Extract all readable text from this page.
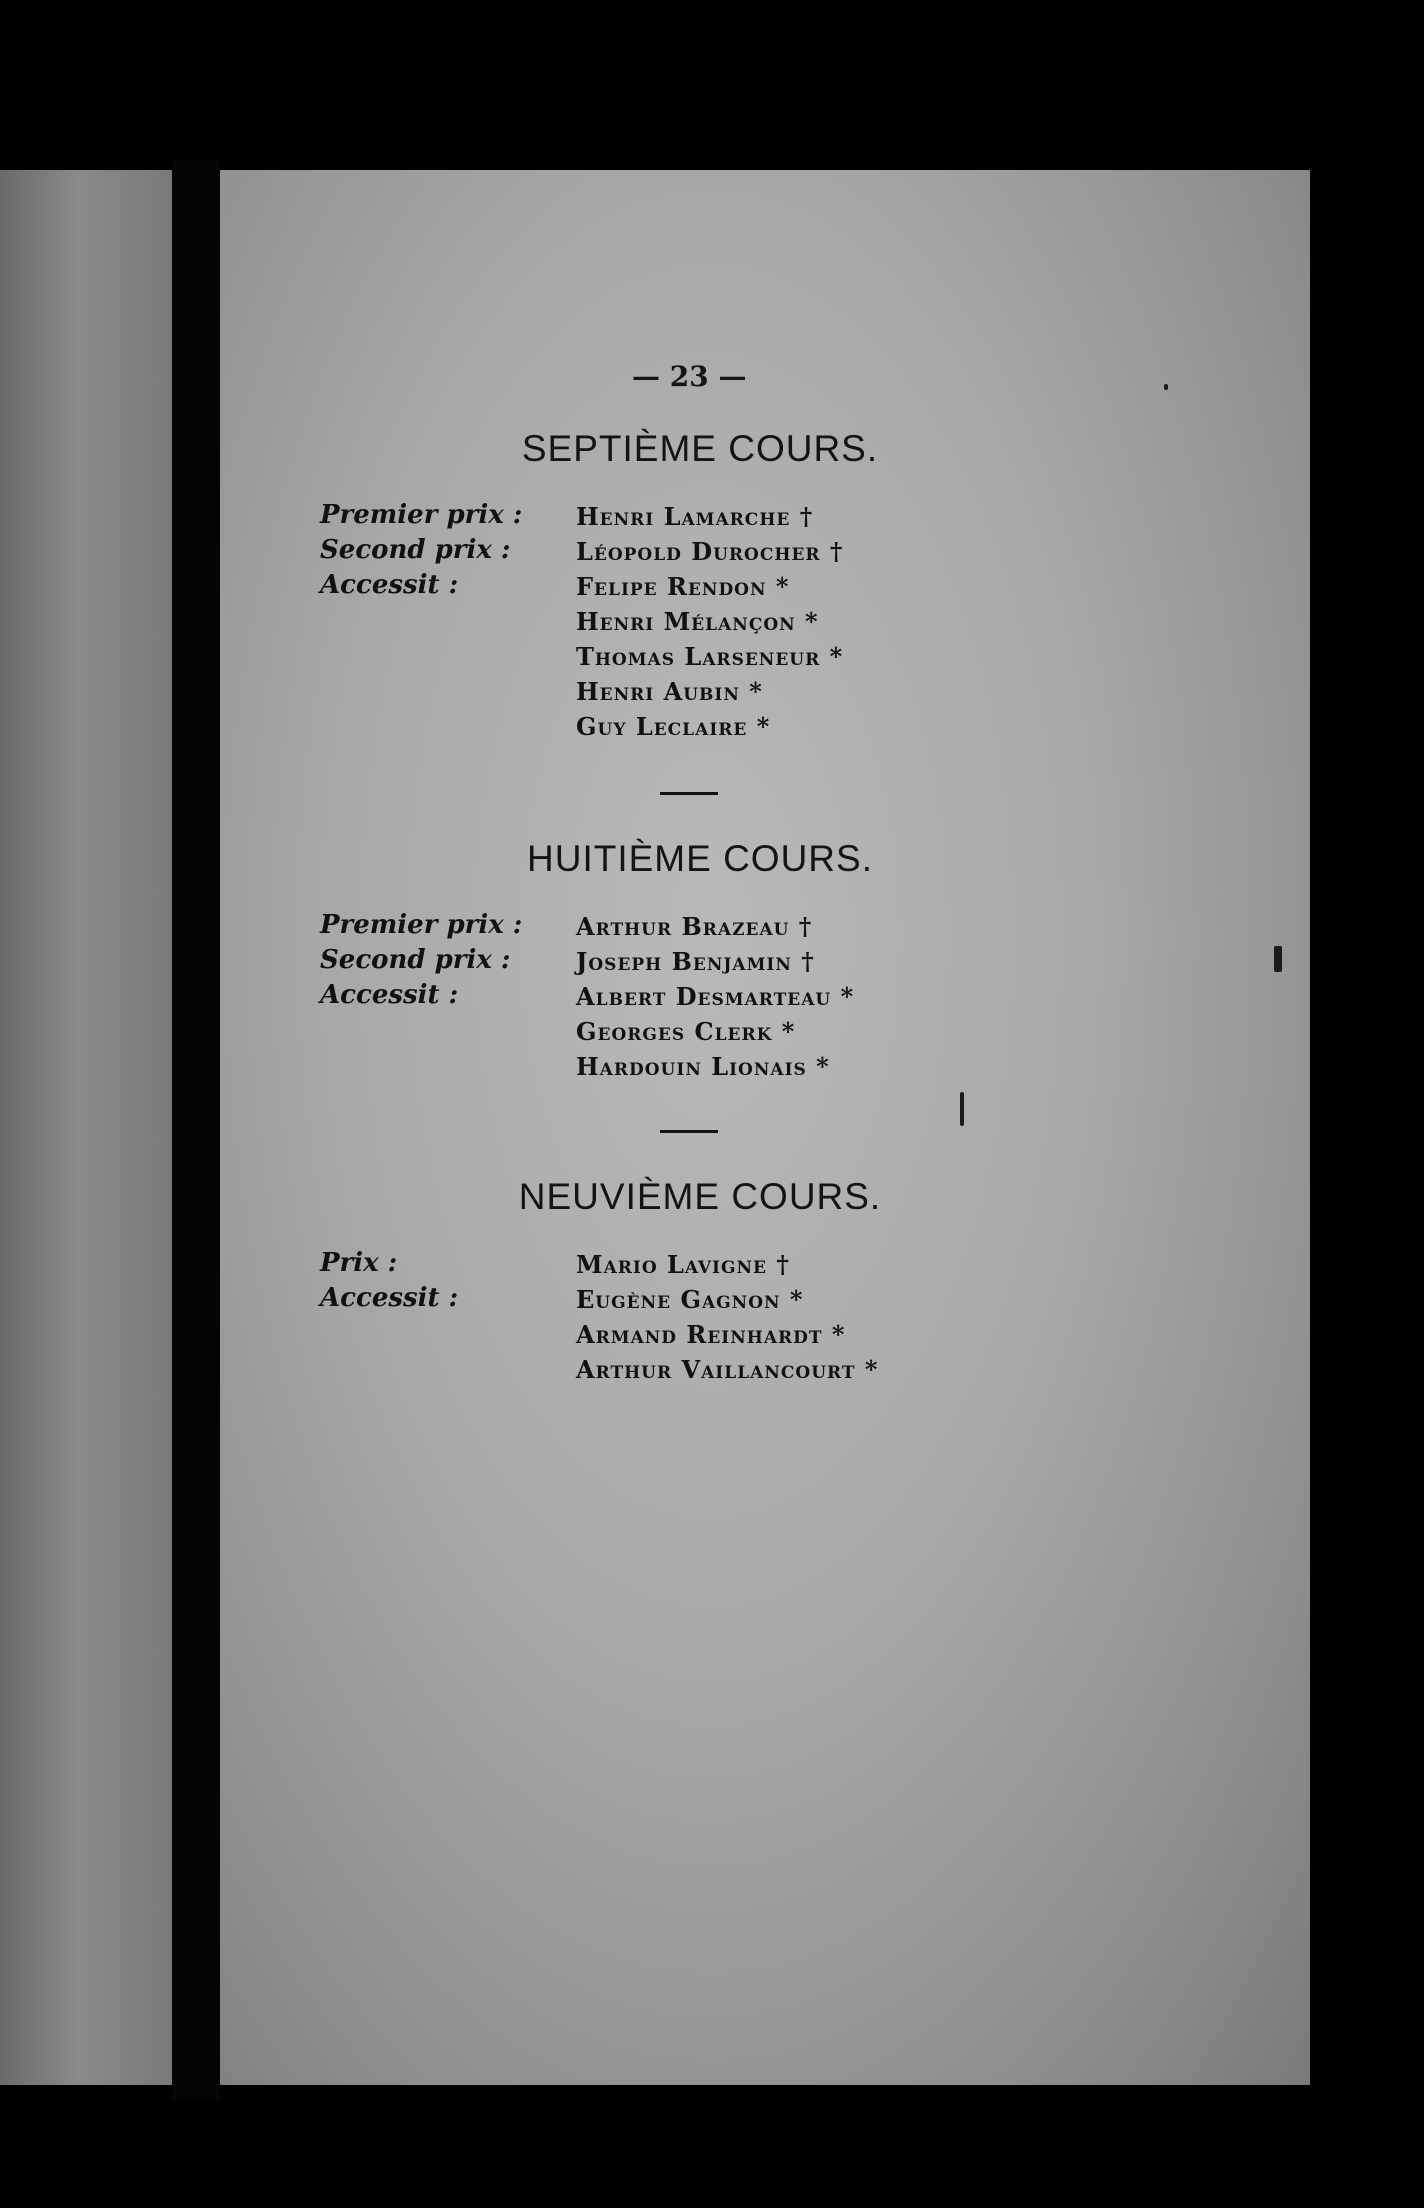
— 23 —
SEPTIÈME COURS.
Premier prix :
Second prix :
Accessit :
Henri Lamarche †
Léopold Durocher †
Felipe Rendon *
Henri Mélançon *
Thomas Larseneur *
Henri Aubin *
Guy Leclaire *
HUITIÈME COURS.
Premier prix :
Second prix :
Accessit :
Arthur Brazeau †
Joseph Benjamin †
Albert Desmarteau *
Georges Clerk *
Hardouin Lionais *
NEUVIÈME COURS.
Prix :
Accessit :
Mario Lavigne †
Eugène Gagnon *
Armand Reinhardt *
Arthur Vaillancourt *
